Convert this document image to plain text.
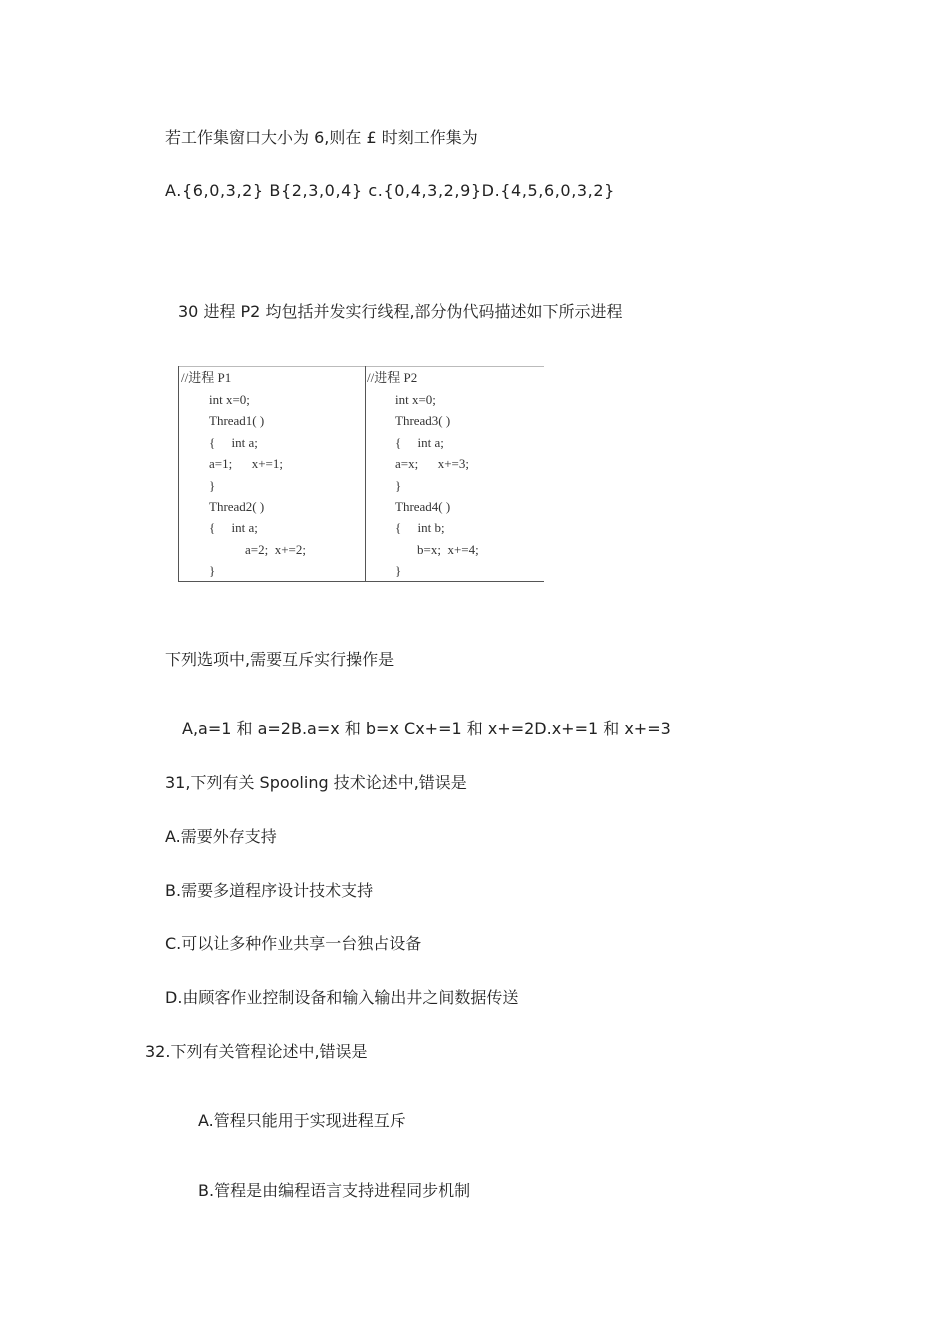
若工作集窗口大小为 6,则在 £ 时刻工作集为
A.{6,0,3,2} B{2,3,0,4} c.{0,4,3,2,9}D.{4,5,6,0,3,2}
30 进程 P2 均包括并发实行线程,部分伪代码描述如下所示进程
//进程 P1
int x=0;
Thread1( )
{     int a;
a=1;      x+=1;
}
Thread2( )
{     int a;
a=2;  x+=2;
}
//进程 P2
int x=0;
Thread3( )
{     int a;
a=x;      x+=3;
}
Thread4( )
{     int b;
b=x;  x+=4;
}
下列选项中,需要互斥实行操作是
A,a=1 和 a=2B.a=x 和 b=x Cx+=1 和 x+=2D.x+=1 和 x+=3
31,下列有关 Spooling 技术论述中,错误是
A.需要外存支持
B.需要多道程序设计技术支持
C.可以让多种作业共享一台独占设备
D.由顾客作业控制设备和输入输出井之间数据传送
32.下列有关管程论述中,错误是
A.管程只能用于实现进程互斥
B.管程是由编程语言支持进程同步机制
